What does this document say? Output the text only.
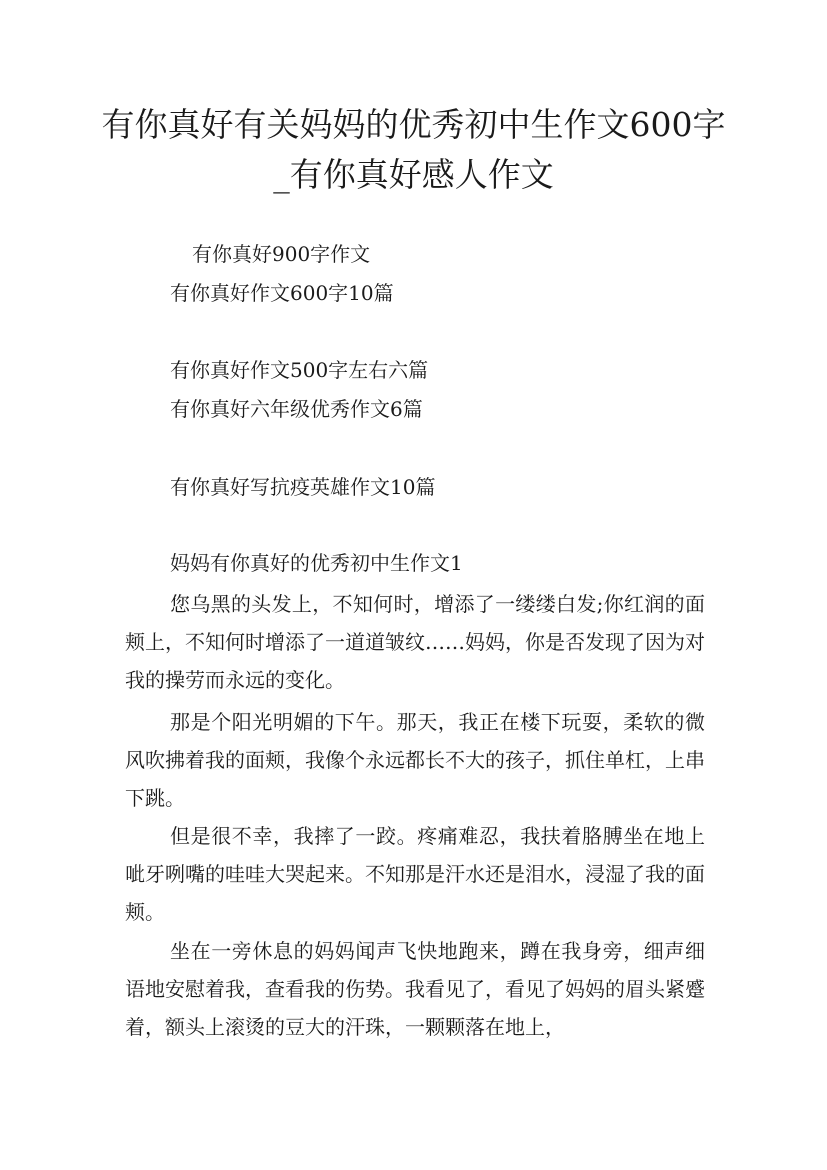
有你真好有关妈妈的优秀初中生作文600字
_有你真好感人作文
有你真好900字作文
有你真好作文600字10篇
有你真好作文500字左右六篇
有你真好六年级优秀作文6篇
有你真好写抗疫英雄作文10篇
妈妈有你真好的优秀初中生作文1

您乌黑的头发上，不知何时，增添了一缕缕白发;你红润的面颊上，不知何时增添了一道道皱纹……妈妈，你是否发现了因为对我的操劳而永远的变化。

那是个阳光明媚的下午。那天，我正在楼下玩耍，柔软的微风吹拂着我的面颊，我像个永远都长不大的孩子，抓住单杠，上串下跳。

但是很不幸，我摔了一跤。疼痛难忍，我扶着胳膊坐在地上呲牙咧嘴的哇哇大哭起来。不知那是汗水还是泪水，浸湿了我的面颊。

坐在一旁休息的妈妈闻声飞快地跑来，蹲在我身旁，细声细语地安慰着我，查看我的伤势。我看见了，看见了妈妈的眉头紧蹙着，额头上滚烫的豆大的汗珠，一颗颗落在地上，
